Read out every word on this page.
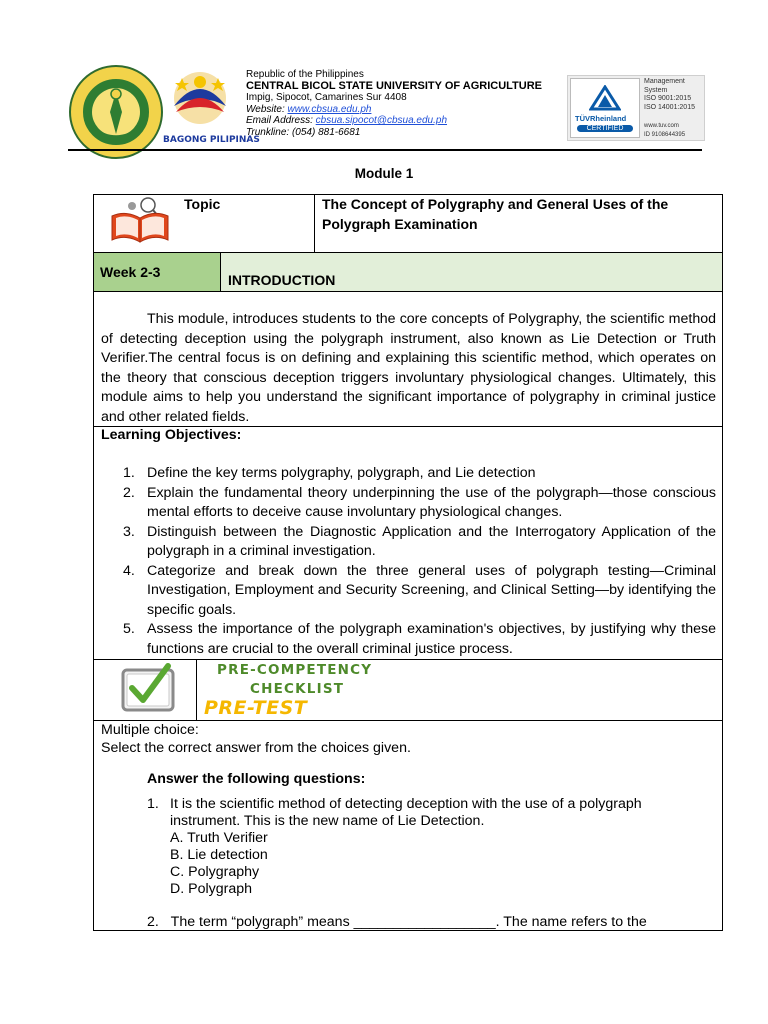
BAGONG PILIPINAS
Republic of the Philippines
CENTRAL BICOL STATE UNIVERSITY OF AGRICULTURE
Impig, Sipocot, Camarines Sur 4408
Website: www.cbsua.edu.ph
Email Address: cbsua.sipocot@cbsua.edu.ph
Trunkline: (054) 881-6681
TÜVRheinland
CERTIFIED
Management
System
ISO 9001:2015
ISO 14001:2015
www.tuv.com
ID 9108644395
Module 1
Topic	The Concept of Polygraphy and General Uses of the Polygraph Examination
Week 2-3	INTRODUCTION
This module, introduces students to the core concepts of Polygraphy, the scientific method of detecting deception using the polygraph instrument, also known as Lie Detection or Truth Verifier.The central focus is on defining and explaining this scientific method, which operates on the theory that conscious deception triggers involuntary physiological changes. Ultimately, this module aims to help you understand the significant importance of polygraphy in criminal justice and other related fields.
Learning Objectives:
1. Define the key terms polygraphy, polygraph, and Lie detection
2. Explain the fundamental theory underpinning the use of the polygraph—those conscious mental efforts to deceive cause involuntary physiological changes.
3. Distinguish between the Diagnostic Application and the Interrogatory Application of the polygraph in a criminal investigation.
4. Categorize and break down the three general uses of polygraph testing—Criminal Investigation, Employment and Security Screening, and Clinical Setting—by identifying the specific goals.
5. Assess the importance of the polygraph examination's objectives, by justifying why these functions are crucial to the overall criminal justice process.
PRE-COMPETENCY
CHECKLIST
PRE-TEST
Multiple choice:
Select the correct answer from the choices given.
Answer the following questions:
1. It is the scientific method of detecting deception with the use of a polygraph instrument. This is the new name of Lie Detection.
A. Truth Verifier
B. Lie detection
C. Polygraphy
D. Polygraph
2. The term “polygraph” means __________________. The name refers to the
